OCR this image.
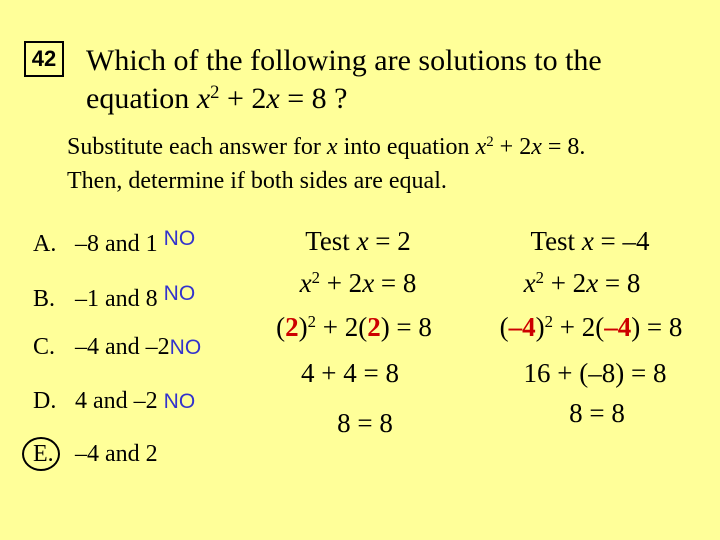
42 Which of the following are solutions to the
equation $x^2 + 2x = 8$ ?
Substitute each answer for x into equation $x^2 + 2x = 8$.
Then, determine if both sides are equal.
A. –8 and 1 NO
B. –1 and 8 NO
C. –4 and –2NO
D. 4 and –2 NO
E. –4 and 2
Test x = 2
$x^2 + 2x = 8$
$(2)^2 + 2(2) = 8$
4 + 4 = 8
8 = 8
Test x = –4
$x^2 + 2x = 8$
$(-4)^2 + 2(-4) = 8$
16 + (–8) = 8
8 = 8
